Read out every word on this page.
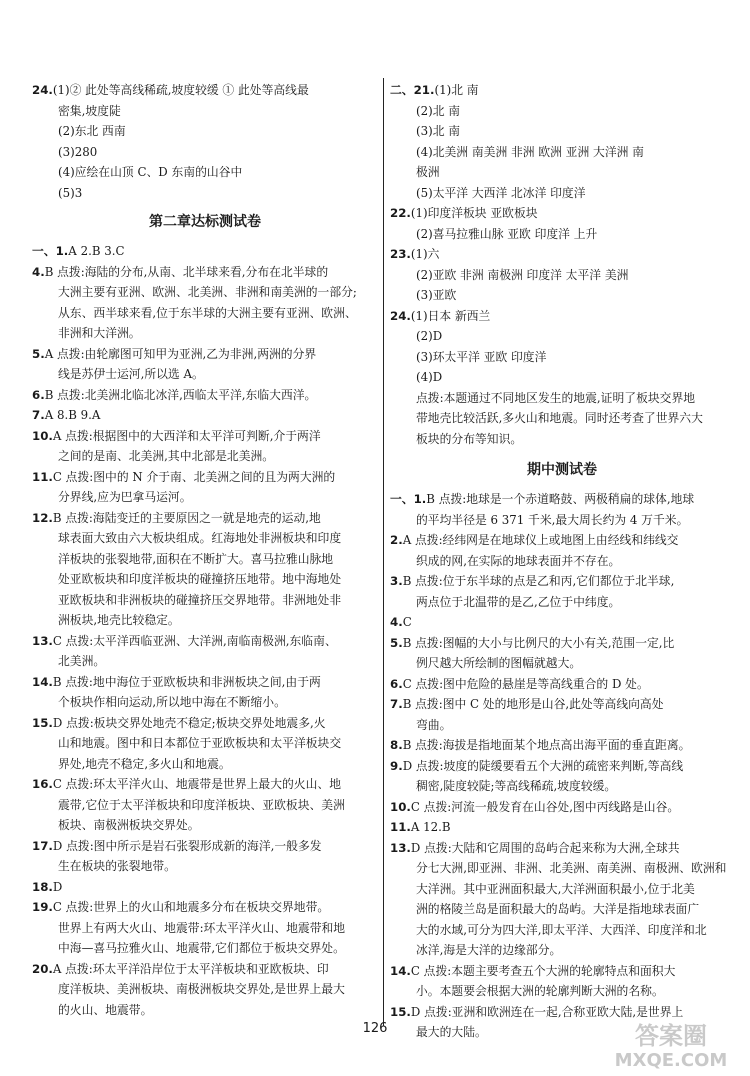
24.(1)② 此处等高线稀疏,坡度较缓 ① 此处等高线最
密集,坡度陡
(2)东北 西南
(3)280
(4)应绘在山顶 C、D 东南的山谷中
(5)3
第二章达标测试卷
一、1.A 2.B 3.C
4.B 点拨:海陆的分布,从南、北半球来看,分布在北半球的
大洲主要有亚洲、欧洲、北美洲、非洲和南美洲的一部分;
从东、西半球来看,位于东半球的大洲主要有亚洲、欧洲、
非洲和大洋洲。
5.A 点拨:由轮廓图可知甲为亚洲,乙为非洲,两洲的分界
线是苏伊士运河,所以选 A。
6.B 点拨:北美洲北临北冰洋,西临太平洋,东临大西洋。
7.A 8.B 9.A
10.A 点拨:根据图中的大西洋和太平洋可判断,介于两洋
之间的是南、北美洲,其中北部是北美洲。
11.C 点拨:图中的 N 介于南、北美洲之间的且为两大洲的
分界线,应为巴拿马运河。
12.B 点拨:海陆变迁的主要原因之一就是地壳的运动,地
球表面大致由六大板块组成。红海地处非洲板块和印度
洋板块的张裂地带,面积在不断扩大。喜马拉雅山脉地
处亚欧板块和印度洋板块的碰撞挤压地带。地中海地处
亚欧板块和非洲板块的碰撞挤压交界地带。非洲地处非
洲板块,地壳比较稳定。
13.C 点拨:太平洋西临亚洲、大洋洲,南临南极洲,东临南、
北美洲。
14.B 点拨:地中海位于亚欧板块和非洲板块之间,由于两
个板块作相向运动,所以地中海在不断缩小。
15.D 点拨:板块交界处地壳不稳定;板块交界处地震多,火
山和地震。图中和日本都位于亚欧板块和太平洋板块交
界处,地壳不稳定,多火山和地震。
16.C 点拨:环太平洋火山、地震带是世界上最大的火山、地
震带,它位于太平洋板块和印度洋板块、亚欧板块、美洲
板块、南极洲板块交界处。
17.D 点拨:图中所示是岩石张裂形成新的海洋,一般多发
生在板块的张裂地带。
18.D
19.C 点拨:世界上的火山和地震多分布在板块交界地带。
世界上有两大火山、地震带:环太平洋火山、地震带和地
中海—喜马拉雅火山、地震带,它们都位于板块交界处。
20.A 点拨:环太平洋沿岸位于太平洋板块和亚欧板块、印
度洋板块、美洲板块、南极洲板块交界处,是世界上最大
的火山、地震带。
二、21.(1)北 南
(2)北 南
(3)北 南
(4)北美洲 南美洲 非洲 欧洲 亚洲 大洋洲 南
极洲
(5)太平洋 大西洋 北冰洋 印度洋
22.(1)印度洋板块 亚欧板块
(2)喜马拉雅山脉 亚欧 印度洋 上升
23.(1)六
(2)亚欧 非洲 南极洲 印度洋 太平洋 美洲
(3)亚欧
24.(1)日本 新西兰
(2)D
(3)环太平洋 亚欧 印度洋
(4)D
点拨:本题通过不同地区发生的地震,证明了板块交界地
带地壳比较活跃,多火山和地震。同时还考查了世界六大
板块的分布等知识。
期中测试卷
一、1.B 点拨:地球是一个赤道略鼓、两极稍扁的球体,地球
的平均半径是 6 371 千米,最大周长约为 4 万千米。
2.A 点拨:经纬网是在地球仪上或地图上由经线和纬线交
织成的网,在实际的地球表面并不存在。
3.B 点拨:位于东半球的点是乙和丙,它们都位于北半球,
两点位于北温带的是乙,乙位于中纬度。
4.C
5.B 点拨:图幅的大小与比例尺的大小有关,范围一定,比
例尺越大所绘制的图幅就越大。
6.C 点拨:图中危险的悬崖是等高线重合的 D 处。
7.B 点拨:图中 C 处的地形是山谷,此处等高线向高处
弯曲。
8.B 点拨:海拔是指地面某个地点高出海平面的垂直距离。
9.D 点拨:坡度的陡缓要看五个大洲的疏密来判断,等高线
稠密,陡度较陡;等高线稀疏,坡度较缓。
10.C 点拨:河流一般发育在山谷处,图中丙线路是山谷。
11.A 12.B
13.D 点拨:大陆和它周围的岛屿合起来称为大洲,全球共
分七大洲,即亚洲、非洲、北美洲、南美洲、南极洲、欧洲和
大洋洲。其中亚洲面积最大,大洋洲面积最小,位于北美
洲的格陵兰岛是面积最大的岛屿。大洋是指地球表面广
大的水域,可分为四大洋,即太平洋、大西洋、印度洋和北
冰洋,海是大洋的边缘部分。
14.C 点拨:本题主要考查五个大洲的轮廓特点和面积大
小。本题要会根据大洲的轮廓判断大洲的名称。
15.D 点拨:亚洲和欧洲连在一起,合称亚欧大陆,是世界上
最大的大陆。
126	答案圈
MXQE.COM
